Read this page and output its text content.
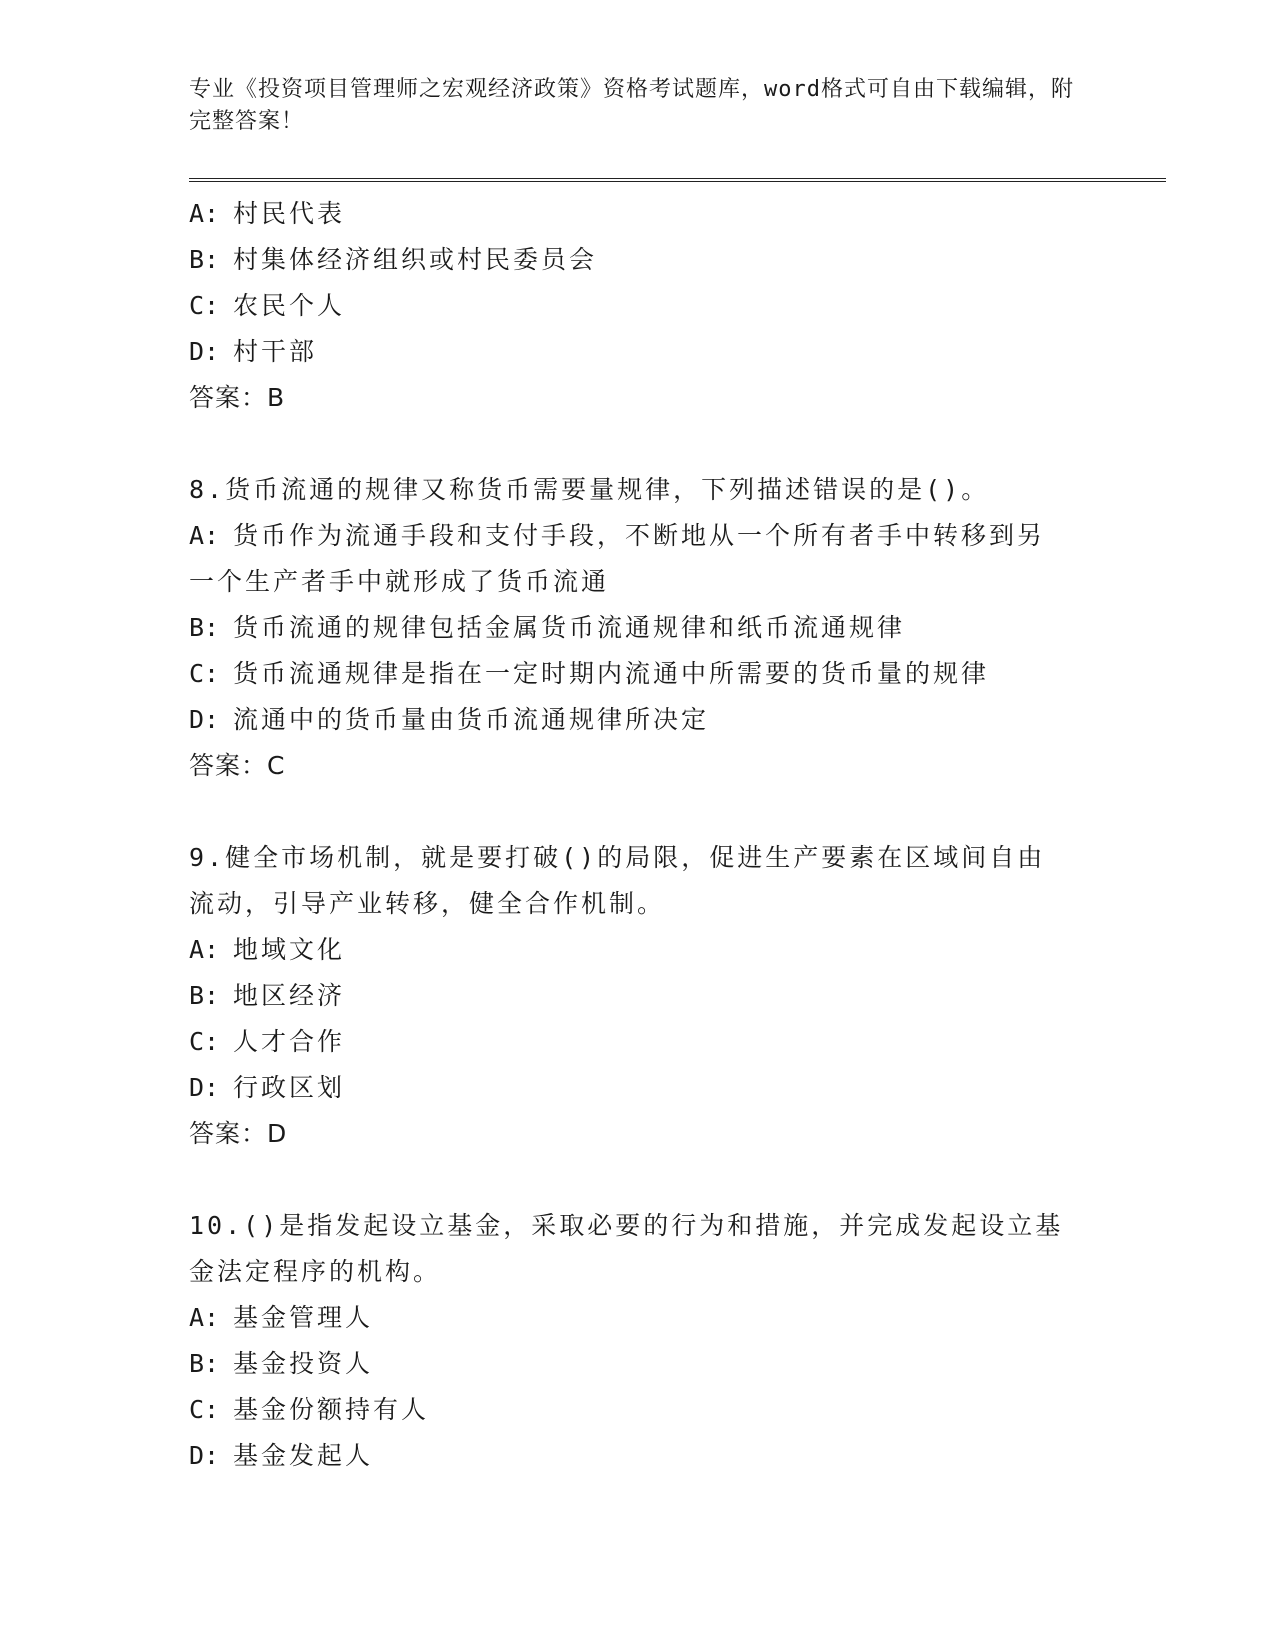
专业《投资项目管理师之宏观经济政策》资格考试题库，word格式可自由下载编辑，附完整答案！
A: 村民代表
B: 村集体经济组织或村民委员会
C: 农民个人
D: 村干部
答案：B
8.货币流通的规律又称货币需要量规律，下列描述错误的是()。
A: 货币作为流通手段和支付手段，不断地从一个所有者手中转移到另
一个生产者手中就形成了货币流通
B: 货币流通的规律包括金属货币流通规律和纸币流通规律
C: 货币流通规律是指在一定时期内流通中所需要的货币量的规律
D: 流通中的货币量由货币流通规律所决定
答案：C
9.健全市场机制，就是要打破()的局限，促进生产要素在区域间自由
流动，引导产业转移，健全合作机制。
A: 地域文化
B: 地区经济
C: 人才合作
D: 行政区划
答案：D
10.()是指发起设立基金，采取必要的行为和措施，并完成发起设立基
金法定程序的机构。
A: 基金管理人
B: 基金投资人
C: 基金份额持有人
D: 基金发起人
